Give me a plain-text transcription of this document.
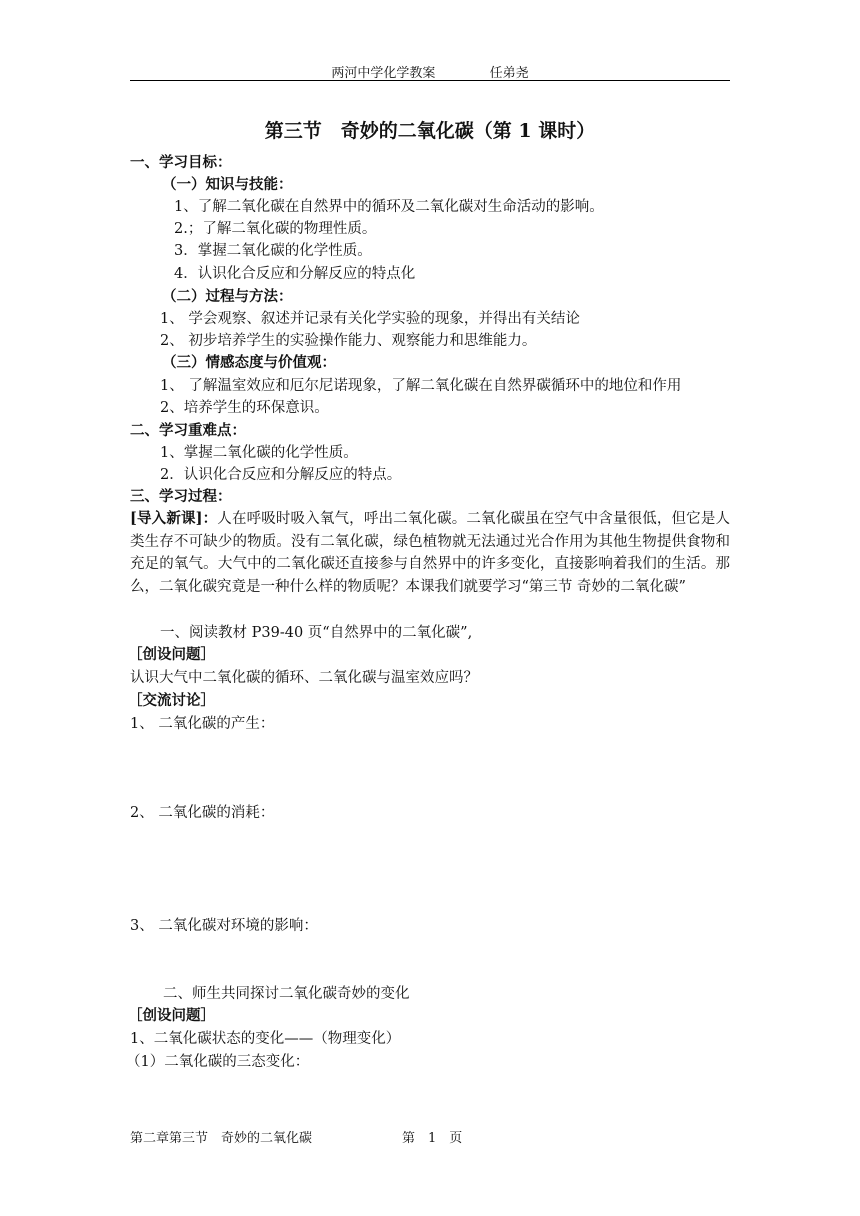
两河中学化学教案	任弟尧
第三节　奇妙的二氧化碳（第 1 课时）
一、学习目标：
（一）知识与技能：
1、了解二氧化碳在自然界中的循环及二氧化碳对生命活动的影响。
2.；了解二氧化碳的物理性质。
3．掌握二氧化碳的化学性质。
4．认识化合反应和分解反应的特点化
（二）过程与方法：
1、 学会观察、叙述并记录有关化学实验的现象，并得出有关结论
2、 初步培养学生的实验操作能力、观察能力和思维能力。
（三）情感态度与价值观：
1、 了解温室效应和厄尔尼诺现象，了解二氧化碳在自然界碳循环中的地位和作用
2、培养学生的环保意识。
二、学习重难点：
1、掌握二氧化碳的化学性质。
2．认识化合反应和分解反应的特点。
三、学习过程：
[导入新课]：人在呼吸时吸入氧气，呼出二氧化碳。二氧化碳虽在空气中含量很低，但它是人类生存不可缺少的物质。没有二氧化碳，绿色植物就无法通过光合作用为其他生物提供食物和充足的氧气。大气中的二氧化碳还直接参与自然界中的许多变化，直接影响着我们的生活。那么，二氧化碳究竟是一种什么样的物质呢？本课我们就要学习“第三节 奇妙的二氧化碳”
一、阅读教材 P39-40 页“自然界中的二氧化碳”,
［创设问题］
认识大气中二氧化碳的循环、二氧化碳与温室效应吗？
［交流讨论］
1、 二氧化碳的产生：
2、 二氧化碳的消耗：
3、 二氧化碳对环境的影响：
二、师生共同探讨二氧化碳奇妙的变化
［创设问题］
1、二氧化碳状态的变化——（物理变化）
（1）二氧化碳的三态变化：
第二章第三节　奇妙的二氧化碳	第　1　页
